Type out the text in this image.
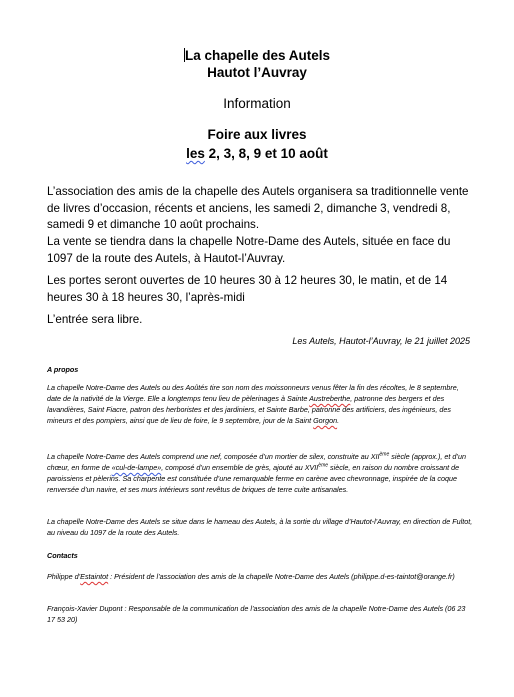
La chapelle des Autels
Hautot l’Auvray
Information
Foire aux livres
les 2, 3, 8, 9 et 10 août

L’association des amis de la chapelle des Autels organisera sa traditionnelle vente de livres d’occasion, récents et anciens, les samedi 2, dimanche 3, vendredi 8, samedi 9 et dimanche 10 août prochains.

La vente se tiendra dans la chapelle Notre-Dame des Autels, située en face du 1097 de la route des Autels, à Hautot-l’Auvray.

Les portes seront ouvertes de 10 heures 30 à 12 heures 30, le matin, et de 14 heures 30 à 18 heures 30, l’après-midi

L’entrée sera libre.

Les Autels, Hautot-l’Auvray, le 21 juillet 2025

A propos

La chapelle Notre-Dame des Autels ou des Aoûtés tire son nom des moissonneurs venus fêter la fin des récoltes, le 8 septembre, date de la nativité de la Vierge. Elle a longtemps tenu lieu de pèlerinages à Sainte Austreberthe, patronne des bergers et des lavandières, Saint Fiacre, patron des herboristes et des jardiniers, et Sainte Barbe, patronne des artificiers, des ingénieurs, des mineurs et des pompiers, ainsi que de lieu de foire, le 9 septembre, jour de la Saint Gorgon.

La chapelle Notre-Dame des Autels comprend une nef, composée d’un mortier de silex, construite au XIIème siècle (approx.), et d’un chœur, en forme de «cul-de-lampe», composé d’un ensemble de grès, ajouté au XVIIème siècle, en raison du nombre croissant de paroissiens et pèlerins. Sa charpente est constituée d’une remarquable ferme en carène avec chevronnage, inspirée de la coque renversée d’un navire, et ses murs intérieurs sont revêtus de briques de terre cuite artisanales.

La chapelle Notre-Dame des Autels se situe dans le hameau des Autels, à la sortie du village d’Hautot-l’Auvray, en direction de Fultot, au niveau du 1097 de la route des Autels.

Contacts

Philippe d’Estaintot : Président de l’association des amis de la chapelle Notre-Dame des Autels (philippe.d-es-taintot@orange.fr)

François-Xavier Dupont : Responsable de la communication de l’association des amis de la chapelle Notre-Dame des Autels (06 23 17 53 20)
